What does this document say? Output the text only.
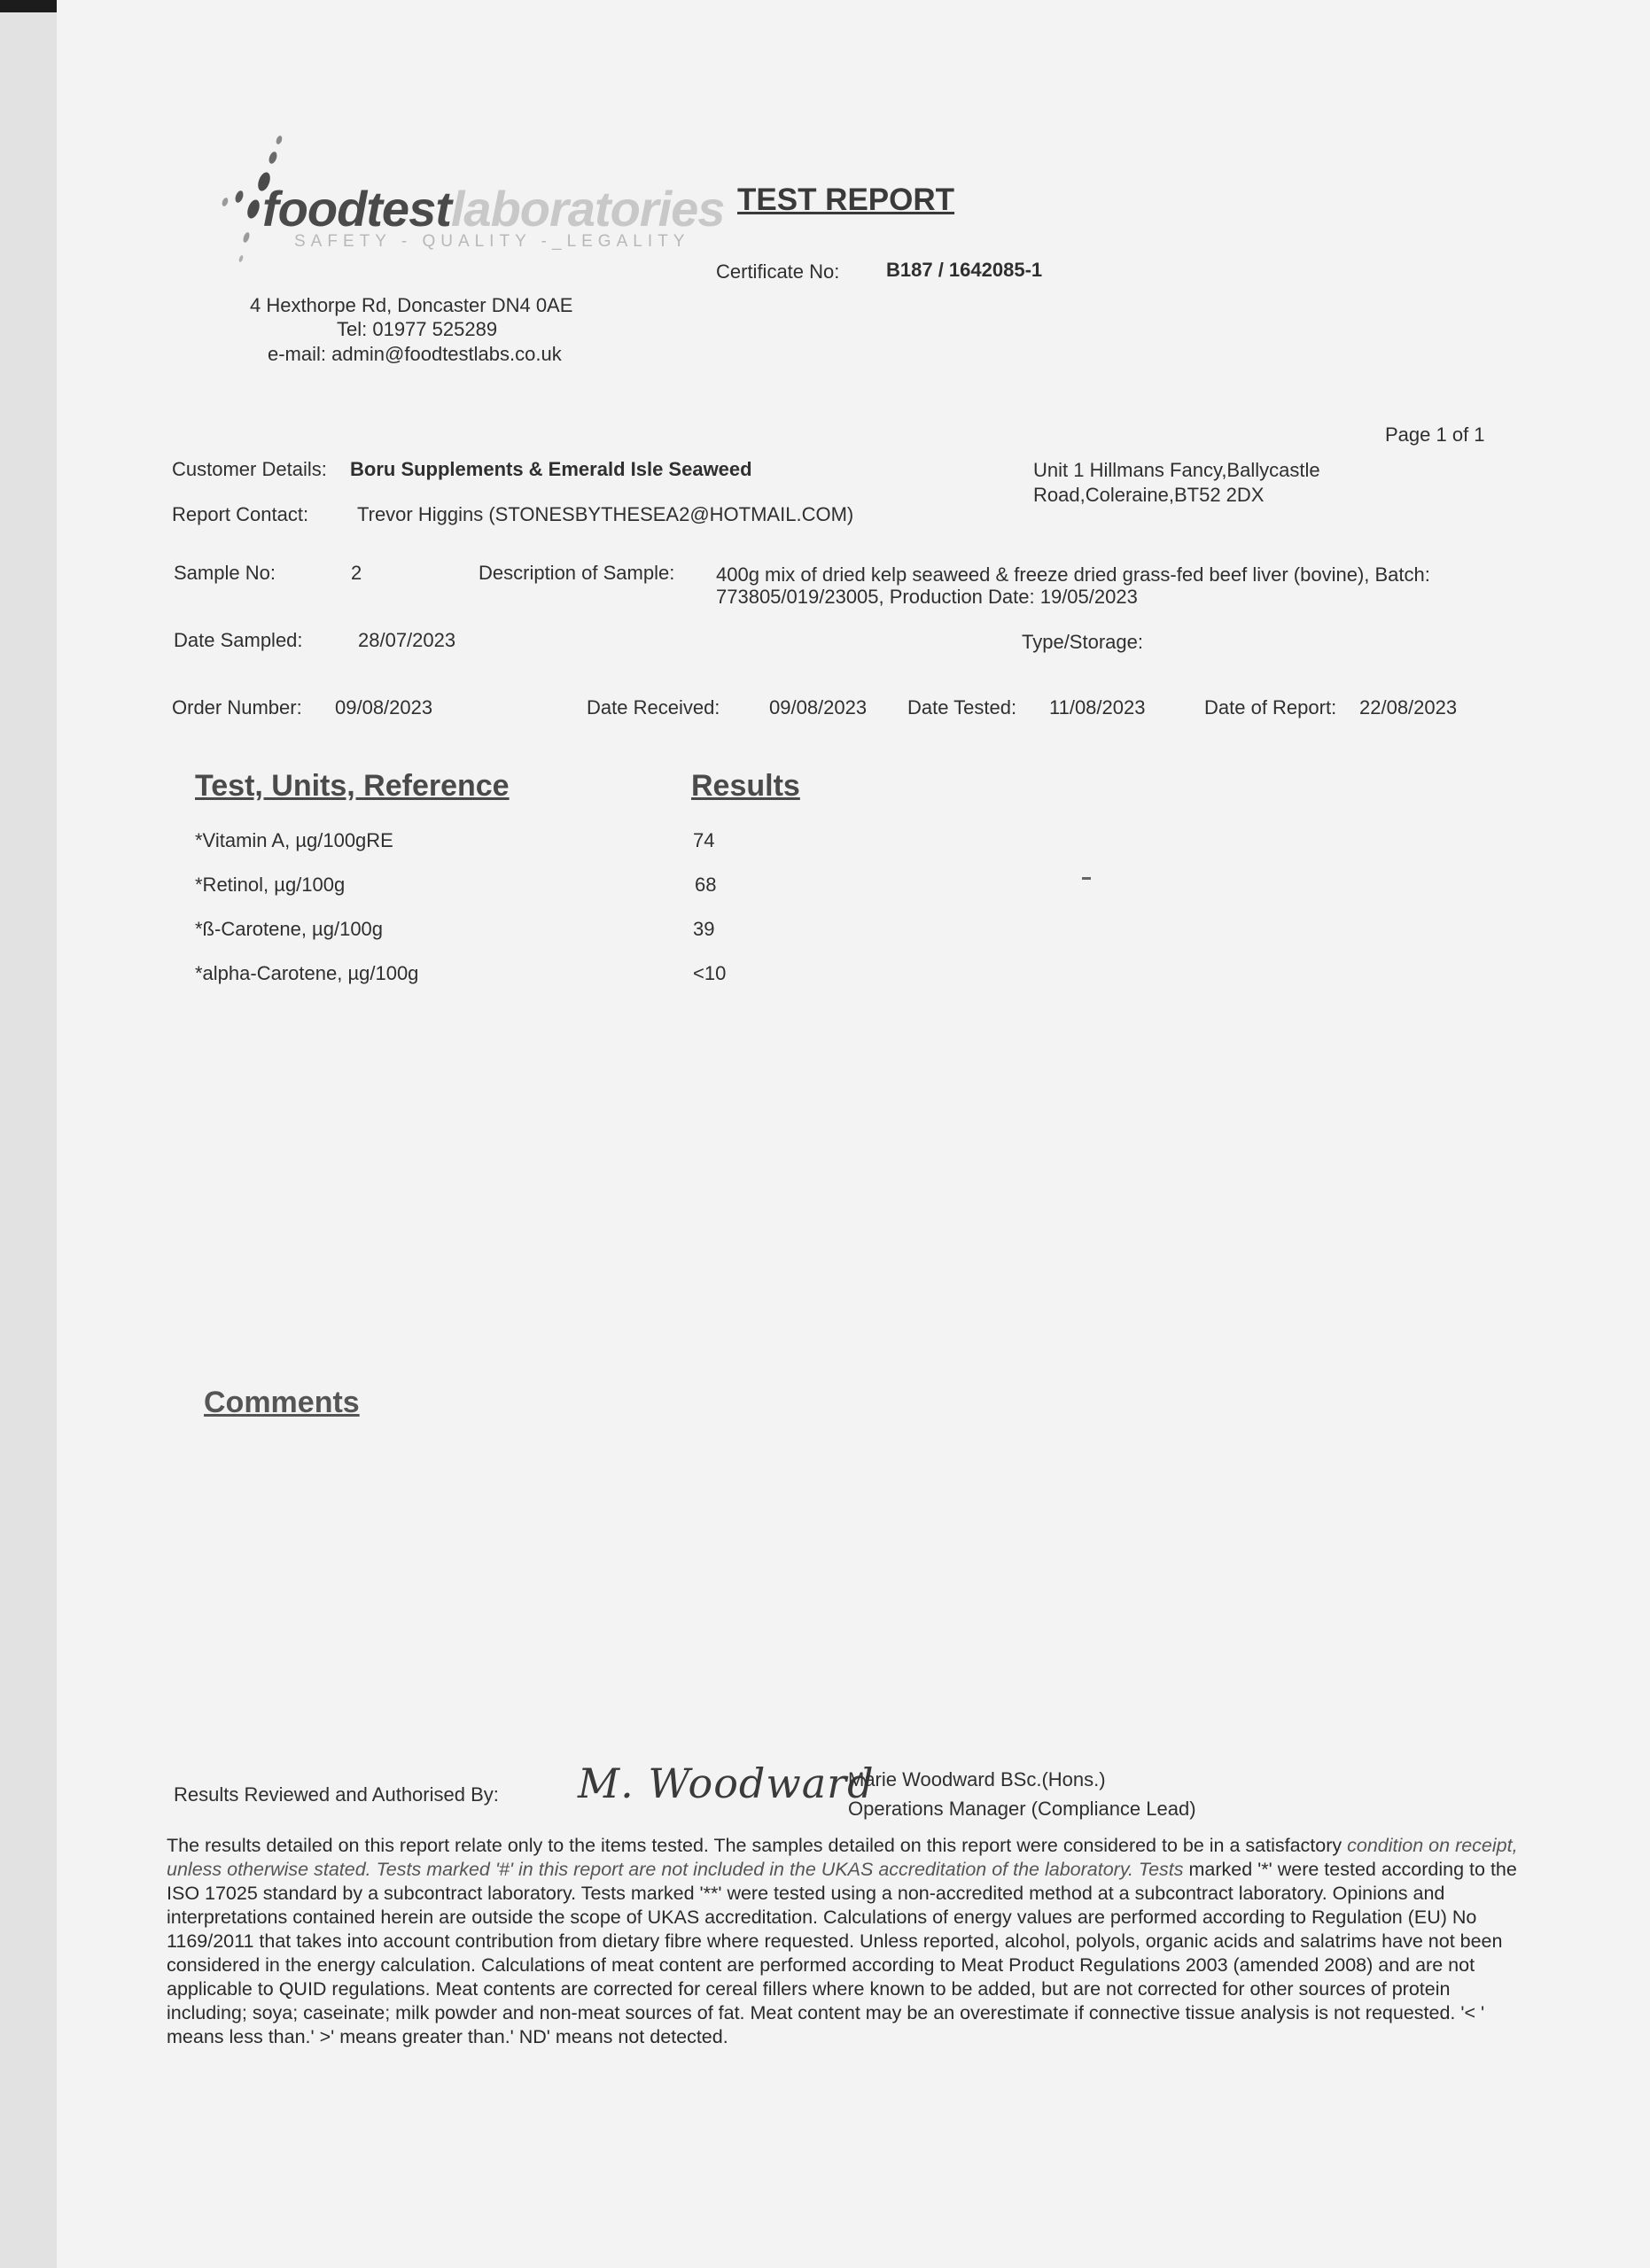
foodtestlaboratories
SAFETY - QUALITY -_LEGALITY
TEST REPORT
Certificate No: B187 / 1642085-1
4 Hexthorpe Rd, Doncaster DN4 0AE
Tel: 01977 525289
e-mail: admin@foodtestlabs.co.uk
Page 1 of 1
Customer Details: Boru Supplements & Emerald Isle Seaweed	Unit 1 Hillmans Fancy,Ballycastle
Road,Coleraine,BT52 2DX
Report Contact: Trevor Higgins (STONESBYTHESEA2@HOTMAIL.COM)
Sample No:	2	Description of Sample: 400g mix of dried kelp seaweed & freeze dried grass-fed beef liver (bovine), Batch:
773805/019/23005, Production Date: 19/05/2023
Date Sampled:	28/07/2023	Type/Storage:
Order Number: 09/08/2023	Date Received:	09/08/2023 Date Tested: 11/08/2023	Date of Report: 22/08/2023
Test, Units, Reference	Results
*Vitamin A, µg/100gRE	74
*Retinol, µg/100g	68
*ß-Carotene, µg/100g	39
*alpha-Carotene, µg/100g	<10
Comments
Results Reviewed and Authorised By: M. Woodward
Marie Woodward BSc.(Hons.)
Operations Manager (Compliance Lead)
The results detailed on this report relate only to the items tested. The samples detailed on this report were considered to be in a satisfactory condition on receipt, unless otherwise stated. Tests marked '#' in this report are not included in the UKAS accreditation of the laboratory. Tests marked '*' were tested according to the ISO 17025 standard by a subcontract laboratory. Tests marked '**' were tested using a non-accredited method at a subcontract laboratory. Opinions and interpretations contained herein are outside the scope of UKAS accreditation. Calculations of energy values are performed according to Regulation (EU) No 1169/2011 that takes into account contribution from dietary fibre where requested. Unless reported, alcohol, polyols, organic acids and salatrims have not been considered in the energy calculation. Calculations of meat content are performed according to Meat Product Regulations 2003 (amended 2008) and are not applicable to QUID regulations. Meat contents are corrected for cereal fillers where known to be added, but are not corrected for other sources of protein including; soya; caseinate; milk powder and non-meat sources of fat. Meat content may be an overestimate if connective tissue analysis is not requested. '< ' means less than.' >' means greater than.' ND' means not detected.
